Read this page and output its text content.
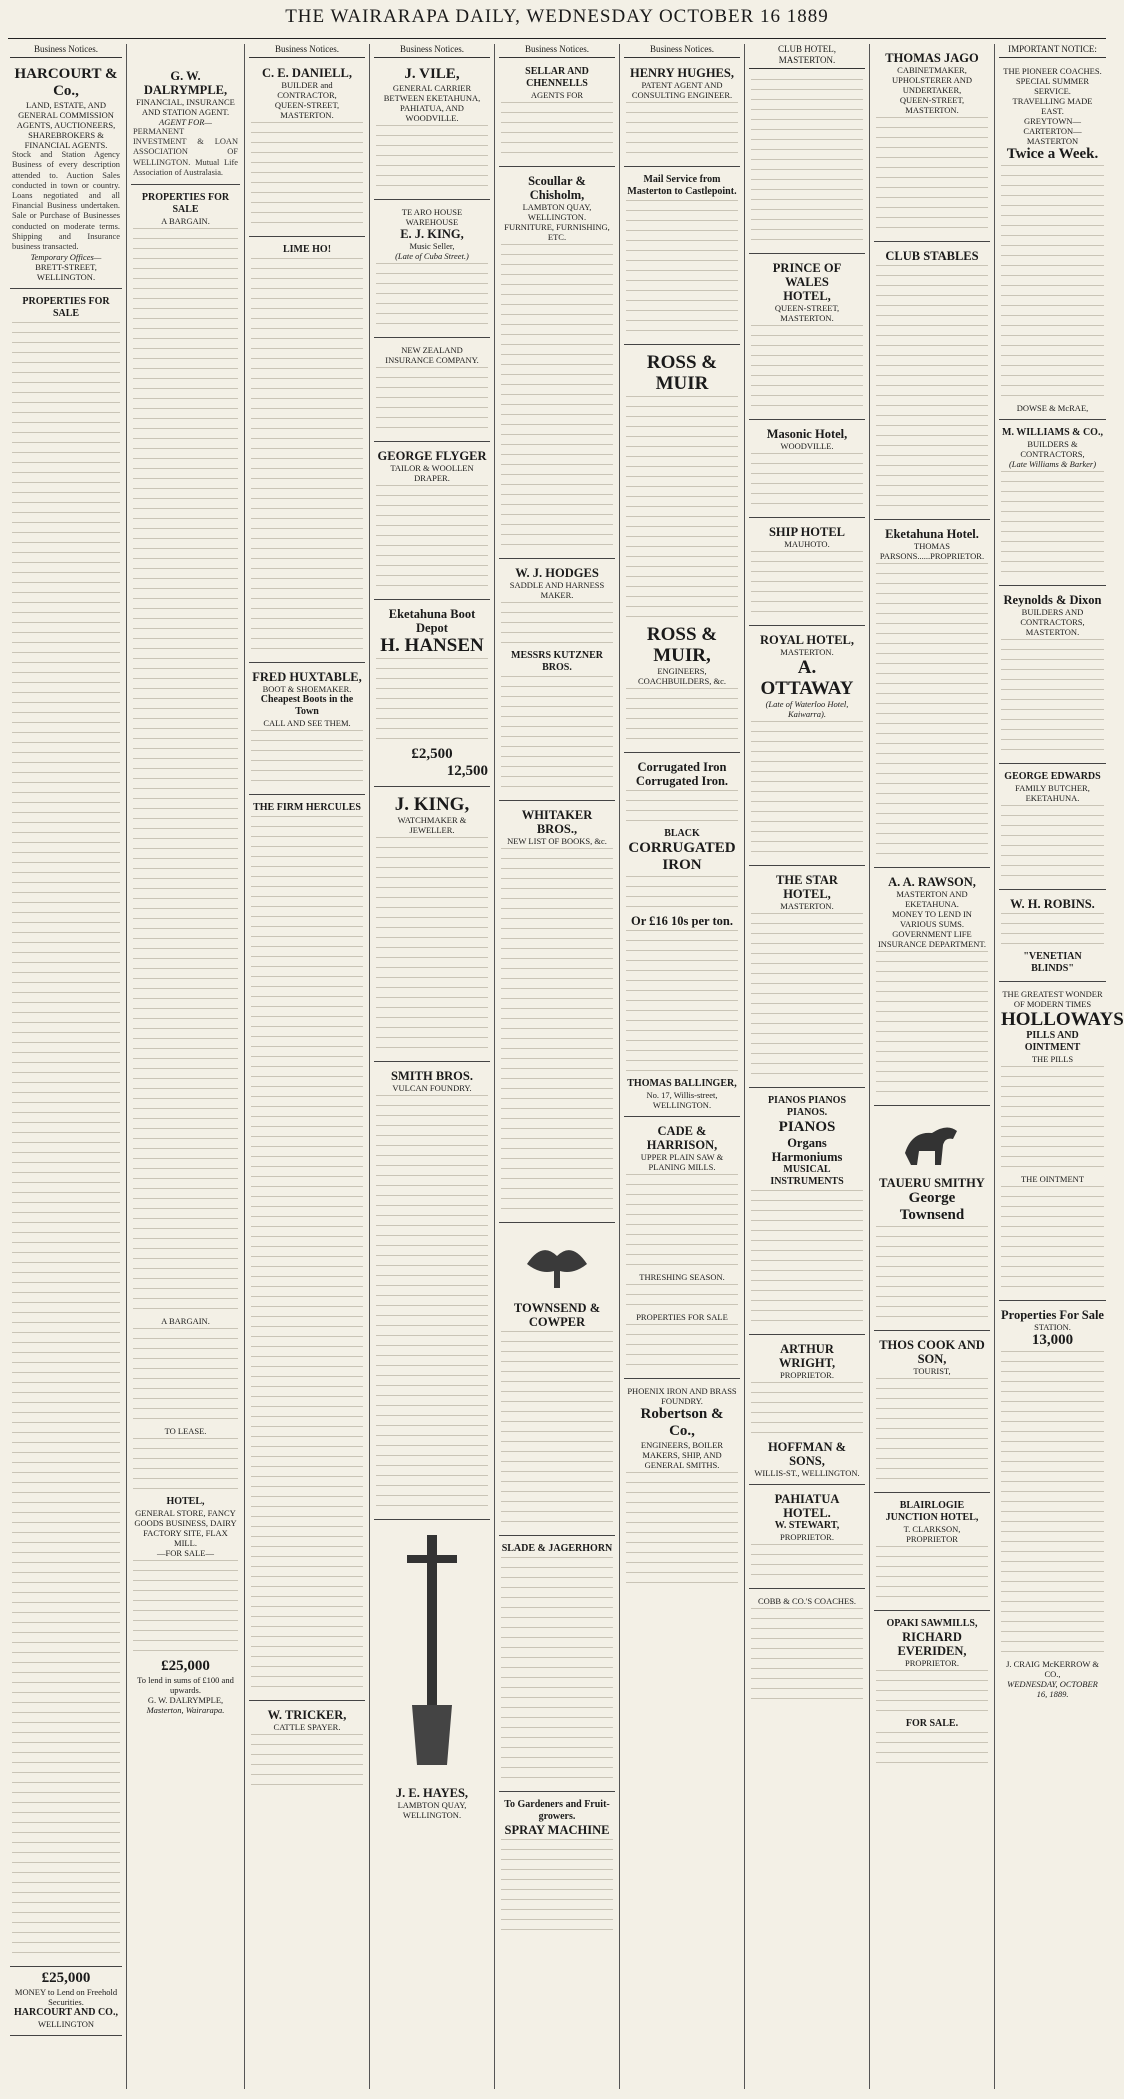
THE WAIRARAPA DAILY, WEDNESDAY OCTOBER 16 1889
Business Notices.
HARCOURT & Co.,
LAND, ESTATE, AND GENERAL COMMISSION AGENTS, AUCTIONEERS, SHAREBROKERS & FINANCIAL AGENTS.
Stock and Station Agency Business of every description attended to. Auction Sales conducted in town or country. Loans negotiated and all Financial Business undertaken. Sale or Purchase of Businesses conducted on moderate terms. Shipping and Insurance business transacted.
Temporary Offices—
BRETT-STREET, WELLINGTON.
PROPERTIES FOR SALE
£25,000
MONEY to Lend on Freehold Securities.
HARCOURT AND CO.,
WELLINGTON
G. W. DALRYMPLE,
FINANCIAL, INSURANCE AND STATION AGENT.
AGENT FOR—
PERMANENT INVESTMENT & LOAN ASSOCIATION OF WELLINGTON. Mutual Life Association of Australasia.
PROPERTIES FOR SALE
A BARGAIN.
A BARGAIN.
TO LEASE.
HOTEL,
GENERAL STORE, FANCY GOODS BUSINESS, DAIRY FACTORY SITE, FLAX MILL.
—FOR SALE—
£25,000
To lend in sums of £100 and upwards.
G. W. DALRYMPLE,
Masterton, Wairarapa.
Business Notices.
C. E. DANIELL,
BUILDER and CONTRACTOR,
QUEEN-STREET, MASTERTON.
LIME HO!
FRED HUXTABLE,
BOOT & SHOEMAKER.
Cheapest Boots in the Town
CALL AND SEE THEM.
THE FIRM HERCULES
W. TRICKER,
CATTLE SPAYER.
Business Notices.
J. VILE,
GENERAL CARRIER BETWEEN EKETAHUNA, PAHIATUA, AND WOODVILLE.
TE ARO HOUSE WAREHOUSE
E. J. KING,
Music Seller,
(Late of Cuba Street.)
NEW ZEALAND INSURANCE COMPANY.
GEORGE FLYGER
TAILOR & WOOLLEN DRAPER.
Eketahuna Boot Depot
H. HANSEN
£2,500
12,500
J. KING,
WATCHMAKER & JEWELLER.
SMITH BROS.
VULCAN FOUNDRY.
J. E. HAYES,
LAMBTON QUAY, WELLINGTON.
Business Notices.
SELLAR AND CHENNELLS
AGENTS FOR
Scoullar & Chisholm,
LAMBTON QUAY, WELLINGTON.
FURNITURE, FURNISHING, ETC.
W. J. HODGES
SADDLE AND HARNESS MAKER.
MESSRS KUTZNER BROS.
WHITAKER BROS.,
NEW LIST OF BOOKS, &c.
TOWNSEND & COWPER
SLADE & JAGERHORN
To Gardeners and Fruit-growers.
SPRAY MACHINE
Business Notices.
HENRY HUGHES,
PATENT AGENT AND CONSULTING ENGINEER.
Mail Service from Masterton to Castlepoint.
ROSS & MUIR
ROSS & MUIR,
ENGINEERS, COACHBUILDERS, &c.
Corrugated Iron Corrugated Iron.
BLACK
CORRUGATED IRON
Or £16 10s per ton.
THOMAS BALLINGER,
No. 17, Willis-street, WELLINGTON.
CADE & HARRISON,
UPPER PLAIN SAW & PLANING MILLS.
THRESHING SEASON.
PROPERTIES FOR SALE
PHOENIX IRON AND BRASS FOUNDRY.
Robertson & Co.,
ENGINEERS, BOILER MAKERS, SHIP, AND GENERAL SMITHS.
CLUB HOTEL, MASTERTON.
PRINCE OF WALES
HOTEL,
QUEEN-STREET, MASTERTON.
Masonic Hotel,
WOODVILLE.
SHIP HOTEL
MAUHOTO.
ROYAL HOTEL,
MASTERTON.
A. OTTAWAY
(Late of Waterloo Hotel, Kaiwarra).
THE STAR HOTEL,
MASTERTON.
PIANOS PIANOS PIANOS.
PIANOS
Organs Harmoniums
MUSICAL INSTRUMENTS
ARTHUR WRIGHT,
PROPRIETOR.
HOFFMAN & SONS,
WILLIS-ST., WELLINGTON.
PAHIATUA HOTEL.
W. STEWART,
PROPRIETOR.
COBB & CO.'S COACHES.
THOMAS JAGO
CABINETMAKER, UPHOLSTERER AND UNDERTAKER,
QUEEN-STREET, MASTERTON.
CLUB STABLES
Eketahuna Hotel.
THOMAS PARSONS......PROPRIETOR.
A. A. RAWSON,
MASTERTON AND EKETAHUNA.
MONEY TO LEND IN VARIOUS SUMS.
GOVERNMENT LIFE INSURANCE DEPARTMENT.
TAUERU SMITHY
George Townsend
THOS COOK AND SON,
TOURIST,
BLAIRLOGIE JUNCTION HOTEL,
T. CLARKSON,
PROPRIETOR
OPAKI SAWMILLS,
RICHARD EVERIDEN,
PROPRIETOR.
FOR SALE.
IMPORTANT NOTICE:
THE PIONEER COACHES.
SPECIAL SUMMER SERVICE.
TRAVELLING MADE EAST.
GREYTOWN—CARTERTON—MASTERTON
Twice a Week.
DOWSE & McRAE,
M. WILLIAMS & CO.,
BUILDERS & CONTRACTORS,
(Late Williams & Barker)
Reynolds & Dixon
BUILDERS AND CONTRACTORS,
MASTERTON.
GEORGE EDWARDS
FAMILY BUTCHER, EKETAHUNA.
W. H. ROBINS.
"VENETIAN BLINDS"
THE GREATEST WONDER OF MODERN TIMES
HOLLOWAYS
PILLS AND OINTMENT
THE PILLS
THE OINTMENT
Properties For Sale
STATION.
13,000
J. CRAIG McKERROW & CO.,
WEDNESDAY, OCTOBER 16, 1889.
